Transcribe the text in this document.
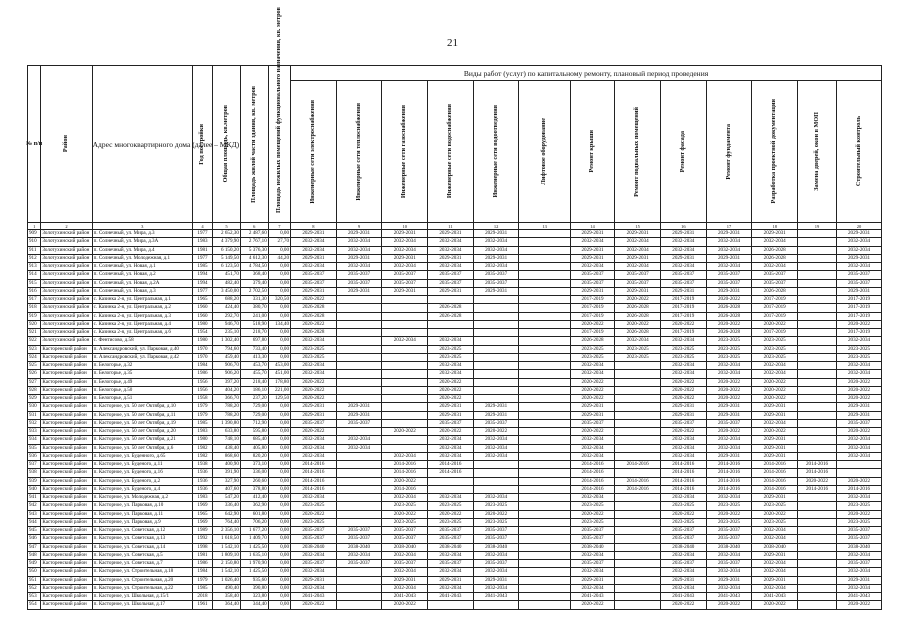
21
№ п/п	Район	Адрес многоквартирного дома (далее – МКД)	Год постройки	Общая площадь, кв.метров	Площадь жилой части здания, кв. метров	Площадь нежилых помещений функционального назначения, кв. метров	Виды работ (услуг) по капитальному ремонту, плановый период проведения												

							Инженерные сети электроснабжения	Инженерные сети теплоснабжения	Инженерные сети газоснабжения	Инженерные сети водоснабжения	Инженерные сети водоотведения	Лифтовое оборудование	Ремонт крыши	Ремонт подвальных помещений	Ремонт фасада	Ремонт фундамента	Разработка проектной документации	Замена дверей, окон в МОП	Строительный контроль

1	2	3	4	5	6	7	8	9	10	11	12	13	14	15	16	17	18	19	20
909	Золотухинский район	п. Солнечный, ул. Мира, д.3	1977	2 652,30	2 487,60	0,00	2029-2031	2029-2031	2029-2031	2029-2031	2029-2031		2029-2031	2029-2031	2029-2031	2029-2031	2029-2031		2029-2031
910	Золотухинский район	п. Солнечный, ул. Мира, д.3А	1983	4 379,90	2 767,10	27,70	2032-2034	2032-2034	2032-2034	2032-2034	2032-2034		2032-2034	2032-2034	2032-2034	2032-2034	2032-2034		2032-2034
911	Золотухинский район	п. Солнечный, ул. Мира, д.4	1981	6 150,20	5 376,30	0,00	2032-2034	2032-2034	2032-2034	2032-2034	2032-2034		2029-2031	2032-2034	2032-2034	2032-2034	2026-2028		2032-2034
912	Золотухинский район	п. Солнечный, ул. Молодежная, д.1	1977	5 149,50	4 612,30	44,20	2029-2031	2029-2031	2029-2031	2029-2031	2029-2031		2029-2031	2029-2031	2029-2031	2029-2031	2026-2028		2029-2031
913	Золотухинский район	п. Солнечный, ул. Новая, д.1	1985	6 123,50	4 784,50	0,00	2032-2034	2032-2034	2032-2034	2032-2034	2032-2034		2032-2034	2032-2034	2032-2034	2032-2034	2032-2034		2032-2034
914	Золотухинский район	п. Солнечный, ул. Новая, д.2	1994	451,70	368,40	0,00	2035-2037	2035-2037	2035-2037	2035-2037	2035-2037		2035-2037	2035-2037	2035-2037	2035-2037	2035-2037		2035-2037
915	Золотухинский район	п. Солнечный, ул. Новая, д.2А	1994	482,40	379,40	0,00	2035-2037	2035-2037	2035-2037	2035-2037	2035-2037		2035-2037	2035-2037	2035-2037	2035-2037	2035-2037		2035-2037
916	Золотухинский район	п. Солнечный, ул. Новая, д.3	1977	3 450,00	2 702,50	0,00	2029-2031	2029-2031	2029-2031	2029-2031	2029-2031		2029-2031	2029-2031	2029-2031	2029-2031	2026-2028		2029-2031
917	Золотухинский район	с. Казинка 2-я, ул. Центральная, д.1	1965	688,20	331,30	320,50	2020-2022						2017-2019	2020-2022	2017-2019	2020-2022	2017-2019		2017-2019
918	Золотухинский район	с. Казинка 2-я, ул. Центральная, д.2	1960	424,40	380,70	0,00	2026-2028			2026-2028			2017-2019	2026-2028	2017-2019	2026-2028	2017-2019		2017-2019
919	Золотухинский район	с. Казинка 2-я, ул. Центральная, д.3	1960	292,70	241,00	0,00	2026-2028			2026-2028			2017-2019	2026-2028	2017-2019	2026-2028	2017-2019		2017-2019
920	Золотухинский район	с. Казинка 2-я, ул. Центральная, д.4	1980	946,70	518,90	134,40	2020-2022						2020-2022	2020-2022	2020-2022	2020-2022	2020-2022		2020-2022
921	Золотухинский район	с. Казинка 2-я, ул. Центральная, д.6	1954	235,10	218,70	0,00	2026-2028						2017-2019	2026-2028	2017-2019	2026-2028	2017-2019		2017-2019
922	Золотухинский район	с. Фентисово, д.58	1980	1 302,40	697,80	0,00	2032-2034		2032-2034	2032-2034			2026-2028	2032-2034	2032-2034	2023-2025	2023-2025		2032-2034
923	Касторенский район	п. Александровский, ул. Парковая, д.40	1970	794,60	733,40	0,00	2023-2025			2023-2025			2023-2025	2023-2025	2023-2025	2023-2025	2023-2025		2023-2025
924	Касторенский район	п. Александровский, ул. Парковая, д.42	1970	459,40	413,30	0,00	2023-2025			2023-2025			2023-2025	2023-2025	2023-2025	2023-2025	2023-2025		2023-2025
925	Касторенский район	п. Белогорье, д.32	1984	906,70	453,70	453,00	2032-2034			2032-2034			2032-2034		2032-2034	2032-2034	2032-2034		2032-2034
926	Касторенский район	п. Белогорье, д.35	1986	906,20	455,70	451,00	2032-2034			2032-2034			2032-2034		2032-2034	2032-2034	2032-2034		2032-2034
927	Касторенский район	п. Белогорье, д.49	1956	397,20	218,40	178,80	2020-2022			2020-2022			2020-2022		2020-2022	2020-2022	2020-2022		2020-2022
928	Касторенский район	п. Белогорье, д.50	1956	404,20	186,10	221,00	2020-2022			2020-2022			2020-2022		2020-2022	2020-2022	2020-2022		2020-2022
929	Касторенский район	п. Белогорье, д.51	1958	366,70	237,20	129,50	2020-2022			2020-2022			2020-2022		2020-2022	2020-2022	2020-2022		2020-2022
930	Касторенский район	п. Касторное, ул. 50 лет Октября, д.10	1979	788,20	729,00	0,00	2029-2031	2029-2031		2029-2031	2029-2031		2029-2031		2029-2031	2029-2031	2029-2031		2029-2031
931	Касторенский район	п. Касторное, ул. 50 лет Октября, д.11	1979	788,20	729,00	0,00	2029-2031	2029-2031		2029-2031	2029-2031		2029-2031		2029-2031	2029-2031	2029-2031		2029-2031
932	Касторенский район	п. Касторное, ул. 50 лет Октября, д.19	1985	1 390,80	712,90	0,00	2035-2037	2035-2037		2035-2037	2035-2037		2035-2037		2035-2037	2035-2037	2032-2034		2035-2037
933	Касторенский район	п. Касторное, ул. 50 лет Октября, д.20	1983	633,80	595,80	0,00	2020-2022		2020-2022	2020-2022	2020-2022		2020-2022		2020-2022	2020-2022	2020-2022		2020-2022
934	Касторенский район	п. Касторное, ул. 50 лет Октября, д.21	1980	748,10	685,40	0,00	2032-2034	2032-2034		2032-2034	2032-2034		2032-2034		2032-2034	2032-2034	2029-2031		2032-2034
935	Касторенский район	п. Касторное, ул. 50 лет Октября, д.6	1982	438,40	405,80	0,00	2032-2034	2032-2034		2032-2034	2032-2034		2032-2034		2032-2034	2032-2034	2029-2031		2032-2034
936	Касторенский район	п. Касторное, ул. Буденного, д.65	1982	868,60	820,20	0,00	2032-2034		2032-2034	2032-2034	2032-2034		2032-2034		2032-2034	2029-2031	2029-2031		2032-2034
937	Касторенский район	п. Касторное, ул. Буденого, д.11	1938	400,90	373,10	0,00	2014-2016		2014-2016	2014-2016			2014-2016	2014-2016	2014-2016	2014-2016	2014-2016	2014-2016	
938	Касторенский район	п. Касторное, ул. Буденого, д.16	1936	391,90	336,00	0,00	2014-2016		2014-2016	2014-2016			2014-2016		2014-2016	2014-2016	2014-2016	2014-2016	
939	Касторенский район	п. Касторное, ул. Буденого, д.2	1936	327,90	260,60	0,00	2014-2016		2020-2022				2014-2016	2014-2016	2014-2016	2014-2016	2014-2016	2020-2022	2020-2022
940	Касторенский район	п. Касторное, ул. Буденого, д.4	1936	407,60	378,80	0,00	2014-2016		2014-2016				2014-2016	2014-2016	2014-2016	2014-2016	2014-2016	2014-2016	2014-2016
941	Касторенский район	п. Касторное, ул. Молодежная, д.2	1983	547,20	412,40	0,00	2032-2034		2032-2034	2032-2034	2032-2034		2032-2034		2032-2034	2032-2034	2029-2031		2032-2034
942	Касторенский район	п. Касторное, ул. Парковая, д.10	1969	336,40	362,90	0,00	2023-2025		2023-2025	2023-2025	2023-2025		2023-2025		2023-2025	2023-2025	2023-2025		2023-2025
943	Касторенский район	п. Касторное, ул. Парковая, д.11	1965	642,90	601,80	0,00	2020-2022		2020-2022	2020-2022	2020-2022		2020-2022		2020-2022	2020-2022	2020-2022		2020-2022
944	Касторенский район	п. Касторное, ул. Парковая, д.9	1969	764,40	706,20	0,00	2023-2025		2023-2025	2023-2025	2023-2025		2023-2025		2023-2025	2023-2025	2023-2025		2023-2025
945	Касторенский район	п. Касторное, ул. Советская, д.12	1989	2 356,10	1 677,20	0,00	2035-2037	2035-2037	2035-2037	2035-2037	2035-2037		2035-2037		2035-2037	2035-2037	2032-2034		2035-2037
946	Касторенский район	п. Касторное, ул. Советская, д.13	1992	1 618,50	1 409,70	0,00	2035-2037	2035-2037	2035-2037	2035-2037	2035-2037		2035-2037		2035-2037	2035-2037	2032-2034		2035-2037
947	Касторенский район	п. Касторное, ул. Советская, д.14	1998	1 542,10	1 425,50	0,00	2038-2040	2038-2040	2038-2040	2038-2040	2038-2040		2038-2040		2038-2040	2038-2040	2038-2040		2038-2040
948	Касторенский район	п. Касторное, ул. Советская, д.5	1981	1 809,10	1 635,10	0,00	2032-2034	2032-2034	2032-2034	2032-2034	2032-2034		2032-2034		2032-2034	2032-2034	2029-2031		2032-2034
949	Касторенский район	п. Касторное, ул. Советская, д.7	1986	2 150,80	1 970,90	0,00	2035-2037	2035-2037	2035-2037	2035-2037	2035-2037		2035-2037		2035-2037	2035-2037	2032-2034		2035-2037
950	Касторенский район	п. Касторное, ул. Строительная, д.18	1984	1 542,10	1 425,50	0,00	2032-2034		2032-2034	2032-2034	2032-2034		2032-2034		2032-2034	2032-2034	2032-2034		2032-2034
951	Касторенский район	п. Касторное, ул. Строительная, д.20	1979	1 026,40	935,60	0,00	2029-2031		2029-2031	2029-2031	2029-2031		2029-2031		2029-2031	2029-2031	2029-2031		2029-2031
952	Касторенский район	п. Касторное, ул. Строительная, д.22	1985	490,40	390,80	0,00	2032-2034		2032-2034	2032-2034	2032-2034		2032-2034		2032-2034	2032-2034	2032-2034		2032-2034
953	Касторенский район	п. Касторное, ул. Школьная, д.15/1	2018	358,40	323,80	0,00	2041-2043		2041-2043	2041-2043	2041-2043		2041-2043		2041-2043	2041-2043	2041-2043		2041-2043
954	Касторенский район	п. Касторное, ул. Школьная, д.17	1961	364,40	344,40	0,00	2020-2022		2020-2022				2020-2022		2020-2022	2020-2022	2020-2022		2020-2022
